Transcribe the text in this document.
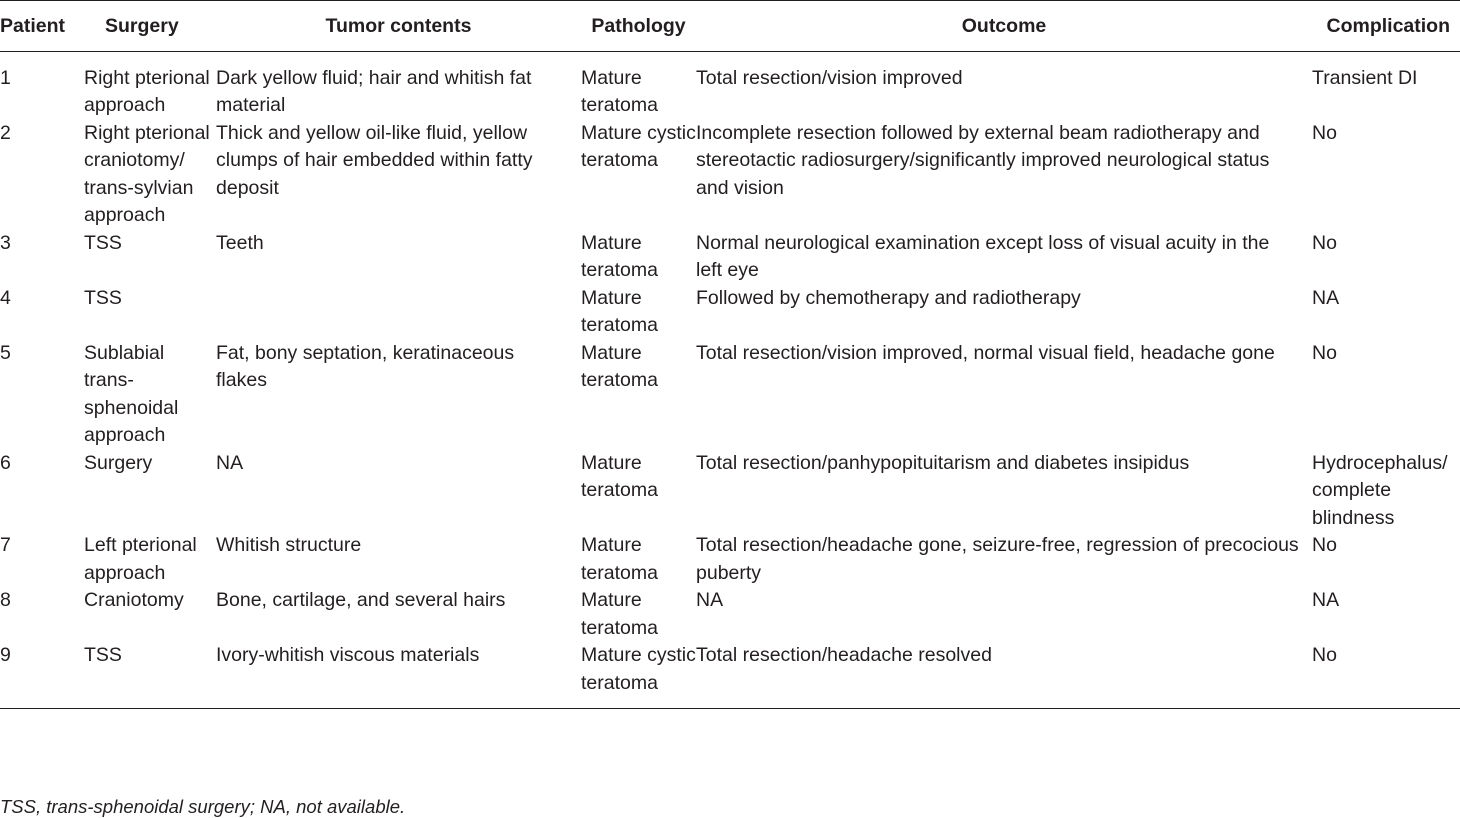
Patient	Surgery	Tumor contents	Pathology	Outcome	Complication
1	Right pterional approach	Dark yellow fluid; hair and whitish fat material	Mature teratoma	Total resection/vision improved	Transient DI
2	Right pterional craniotomy/ trans-sylvian approach	Thick and yellow oil-like fluid, yellow clumps of hair embedded within fatty deposit	Mature cystic teratoma	Incomplete resection followed by external beam radiotherapy and stereotactic radiosurgery/significantly improved neurological status and vision	No
3	TSS	Teeth	Mature teratoma	Normal neurological examination except loss of visual acuity in the left eye	No
4	TSS		Mature teratoma	Followed by chemotherapy and radiotherapy	NA
5	Sublabial trans-sphenoidal approach	Fat, bony septation, keratinaceous flakes	Mature teratoma	Total resection/vision improved, normal visual field, headache gone	No
6	Surgery	NA	Mature teratoma	Total resection/panhypopituitarism and diabetes insipidus	Hydrocephalus/ complete blindness
7	Left pterional approach	Whitish structure	Mature teratoma	Total resection/headache gone, seizure-free, regression of precocious puberty	No
8	Craniotomy	Bone, cartilage, and several hairs	Mature teratoma	NA	NA
9	TSS	Ivory-whitish viscous materials	Mature cystic teratoma	Total resection/headache resolved	No
TSS, trans-sphenoidal surgery; NA, not available.
